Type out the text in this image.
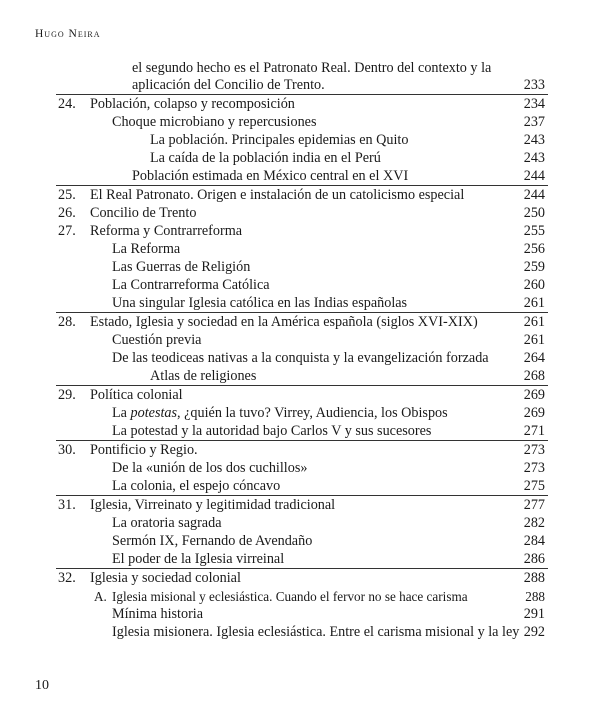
Hugo Neira
el segundo hecho es el Patronato Real. Dentro del contexto y la aplicación del Concilio de Trento.	233
24. Población, colapso y recomposición	234
Choque microbiano y repercusiones	237
La población. Principales epidemias en Quito	243
La caída de la población india en el Perú	243
Población estimada en México central en el XVI	244
25. El Real Patronato. Origen e instalación de un catolicismo especial	244
26. Concilio de Trento	250
27. Reforma y Contrarreforma	255
La Reforma	256
Las Guerras de Religión	259
La Contrarreforma Católica	260
Una singular Iglesia católica en las Indias españolas	261
28. Estado, Iglesia y sociedad en la América española (siglos XVI-XIX)	261
Cuestión previa	261
De las teodiceas nativas a la conquista y la evangelización forzada 264
Atlas de religiones	268
29. Política colonial	269
La potestas, ¿quién la tuvo? Virrey, Audiencia, los Obispos	269
La potestad y la autoridad bajo Carlos V y sus sucesores	271
30. Pontificio y Regio.	273
De la «unión de los dos cuchillos»	273
La colonia, el espejo cóncavo	275
31. Iglesia, Virreinato y legitimidad tradicional	277
La oratoria sagrada	282
Sermón IX, Fernando de Avendaño	284
El poder de la Iglesia virreinal	286
32. Iglesia y sociedad colonial	288
A. Iglesia misional y eclesiástica. Cuando el fervor no se hace carisma	288
Mínima historia	291
Iglesia misionera. Iglesia eclesiástica. Entre el carisma misional y la ley 292
10
